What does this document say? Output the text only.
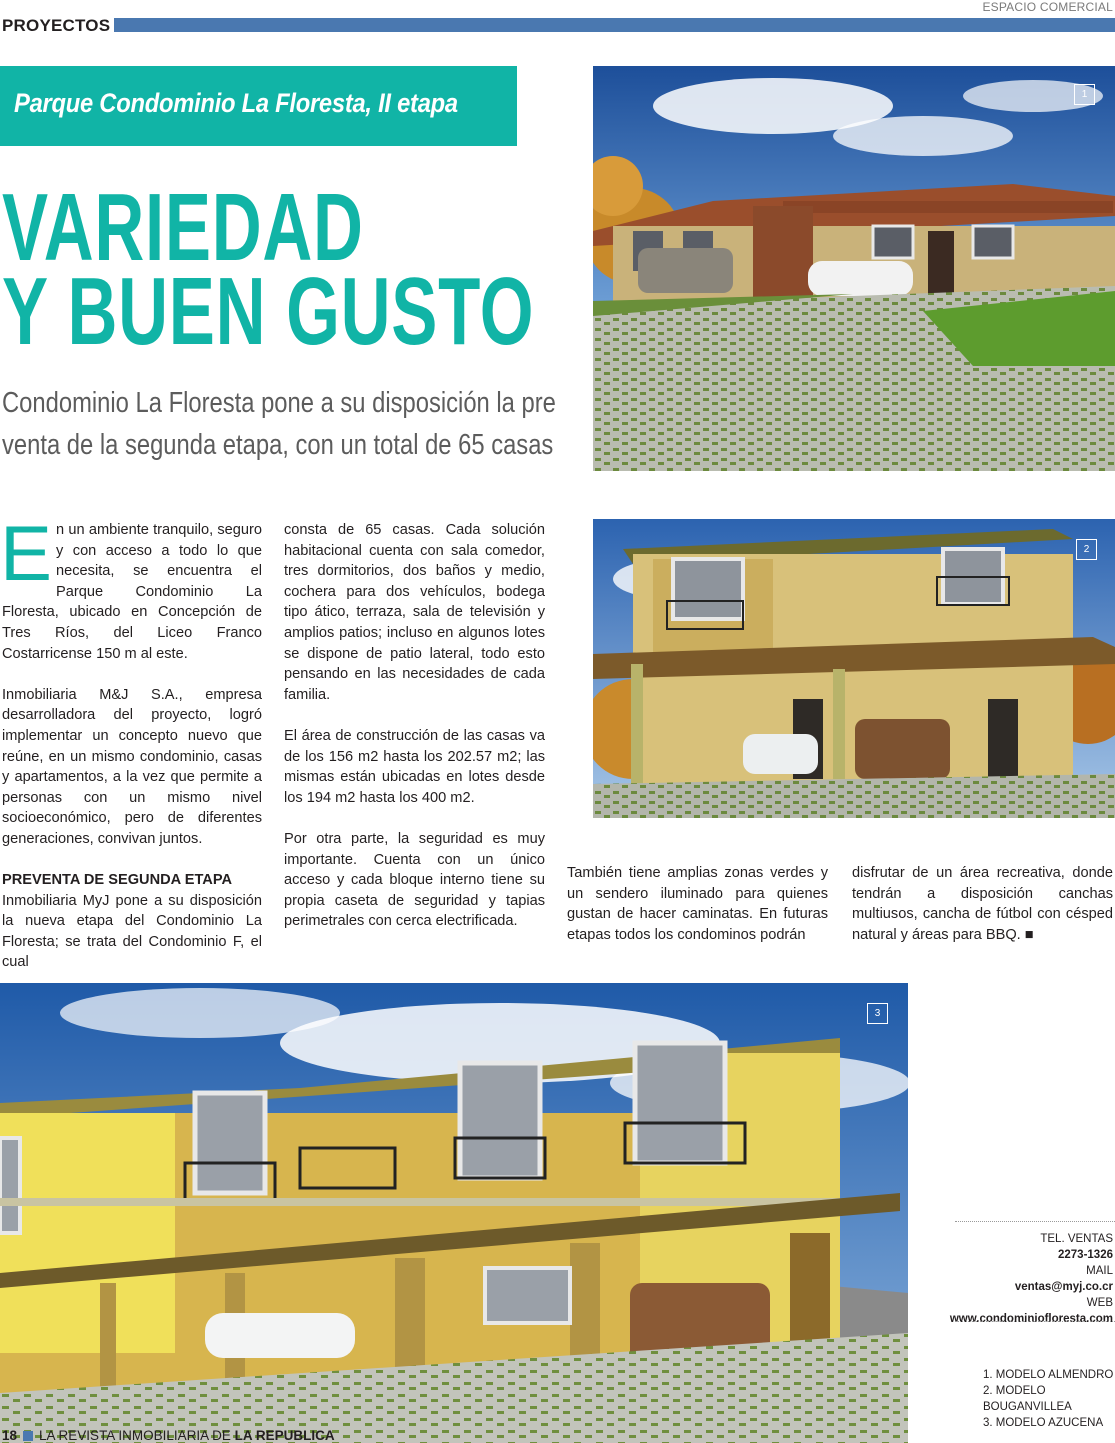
PROYECTOS
ESPACIO COMERCIAL
Parque Condominio La Floresta, II etapa
VARIEDAD
Y BUEN GUSTO
Condominio La Floresta pone a su disposición la pre venta de la segunda etapa, con un total de 65 casas
1
2
3

En un ambiente tranquilo, seguro y con acceso a todo lo que necesita, se encuentra el Parque Condominio La Floresta, ubicado en Concepción de Tres Ríos, del Liceo Franco Costarricense 150 m al este.

Inmobiliaria M&J S.A., empresa desarrolladora del proyecto, logró implementar un concepto nuevo que reúne, en un mismo condominio, casas y apartamentos, a la vez que permite a personas con un mismo nivel socioeconómico, pero de diferentes generaciones, convivan juntos.

PREVENTA DE SEGUNDA ETAPA

Inmobiliaria MyJ pone a su disposición la nueva etapa del Condominio La Floresta; se trata del Condominio F, el cual

consta de 65 casas. Cada solución habitacional cuenta con sala comedor, tres dormitorios, dos baños y medio, cochera para dos vehículos, bodega tipo ático, terraza, sala de televisión y amplios patios; incluso en algunos lotes se dispone de patio lateral, todo esto pensando en las necesidades de cada familia.

El área de construcción de las casas va de los 156 m2 hasta los 202.57 m2; las mismas están ubicadas en lotes desde los 194 m2 hasta los 400 m2.

Por otra parte, la seguridad es muy importante. Cuenta con un único acceso y cada bloque interno tiene su propia caseta de seguridad y tapias perimetrales con cerca electrificada.

También tiene amplias zonas verdes y un sendero iluminado para quienes gustan de hacer caminatas. En futuras etapas todos los condominos podrán

disfrutar de un área recreativa, donde tendrán a disposición canchas multiusos, cancha de fútbol con césped natural y áreas para BBQ. ■

TEL. VENTAS
2273-1326
MAIL
ventas@myj.co.cr
WEB
www.condominiofloresta.com
1. MODELO ALMENDRO
2. MODELO BOUGANVILLEA
3. MODELO AZUCENA
18 LA REVISTA INMOBILIARIA DE LA REPUBLICA
